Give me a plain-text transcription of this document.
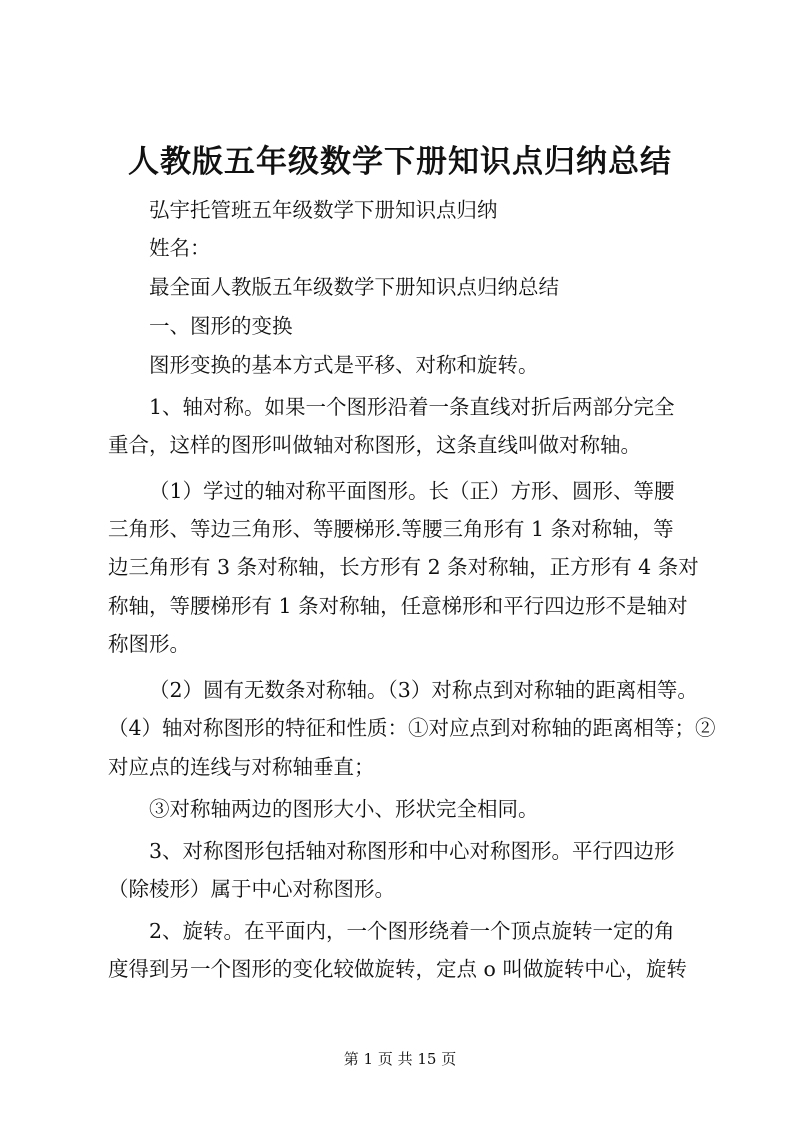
人教版五年级数学下册知识点归纳总结
弘宇托管班五年级数学下册知识点归纳
姓名：
最全面人教版五年级数学下册知识点归纳总结
一、图形的变换
图形变换的基本方式是平移、对称和旋转。
1、轴对称。如果一个图形沿着一条直线对折后两部分完全
重合，这样的图形叫做轴对称图形，这条直线叫做对称轴。
（1）学过的轴对称平面图形。长（正）方形、圆形、等腰
三角形、等边三角形、等腰梯形.等腰三角形有 1 条对称轴，等
边三角形有 3 条对称轴，长方形有 2 条对称轴，正方形有 4 条对
称轴，等腰梯形有 1 条对称轴，任意梯形和平行四边形不是轴对
称图形。
（2）圆有无数条对称轴。（3）对称点到对称轴的距离相等。
（4）轴对称图形的特征和性质：①对应点到对称轴的距离相等；②
对应点的连线与对称轴垂直；
③对称轴两边的图形大小、形状完全相同。
3、对称图形包括轴对称图形和中心对称图形。平行四边形
（除棱形）属于中心对称图形。
2、旋转。在平面内，一个图形绕着一个顶点旋转一定的角
度得到另一个图形的变化较做旋转，定点 o 叫做旋转中心，旋转
第 1 页 共 15 页
